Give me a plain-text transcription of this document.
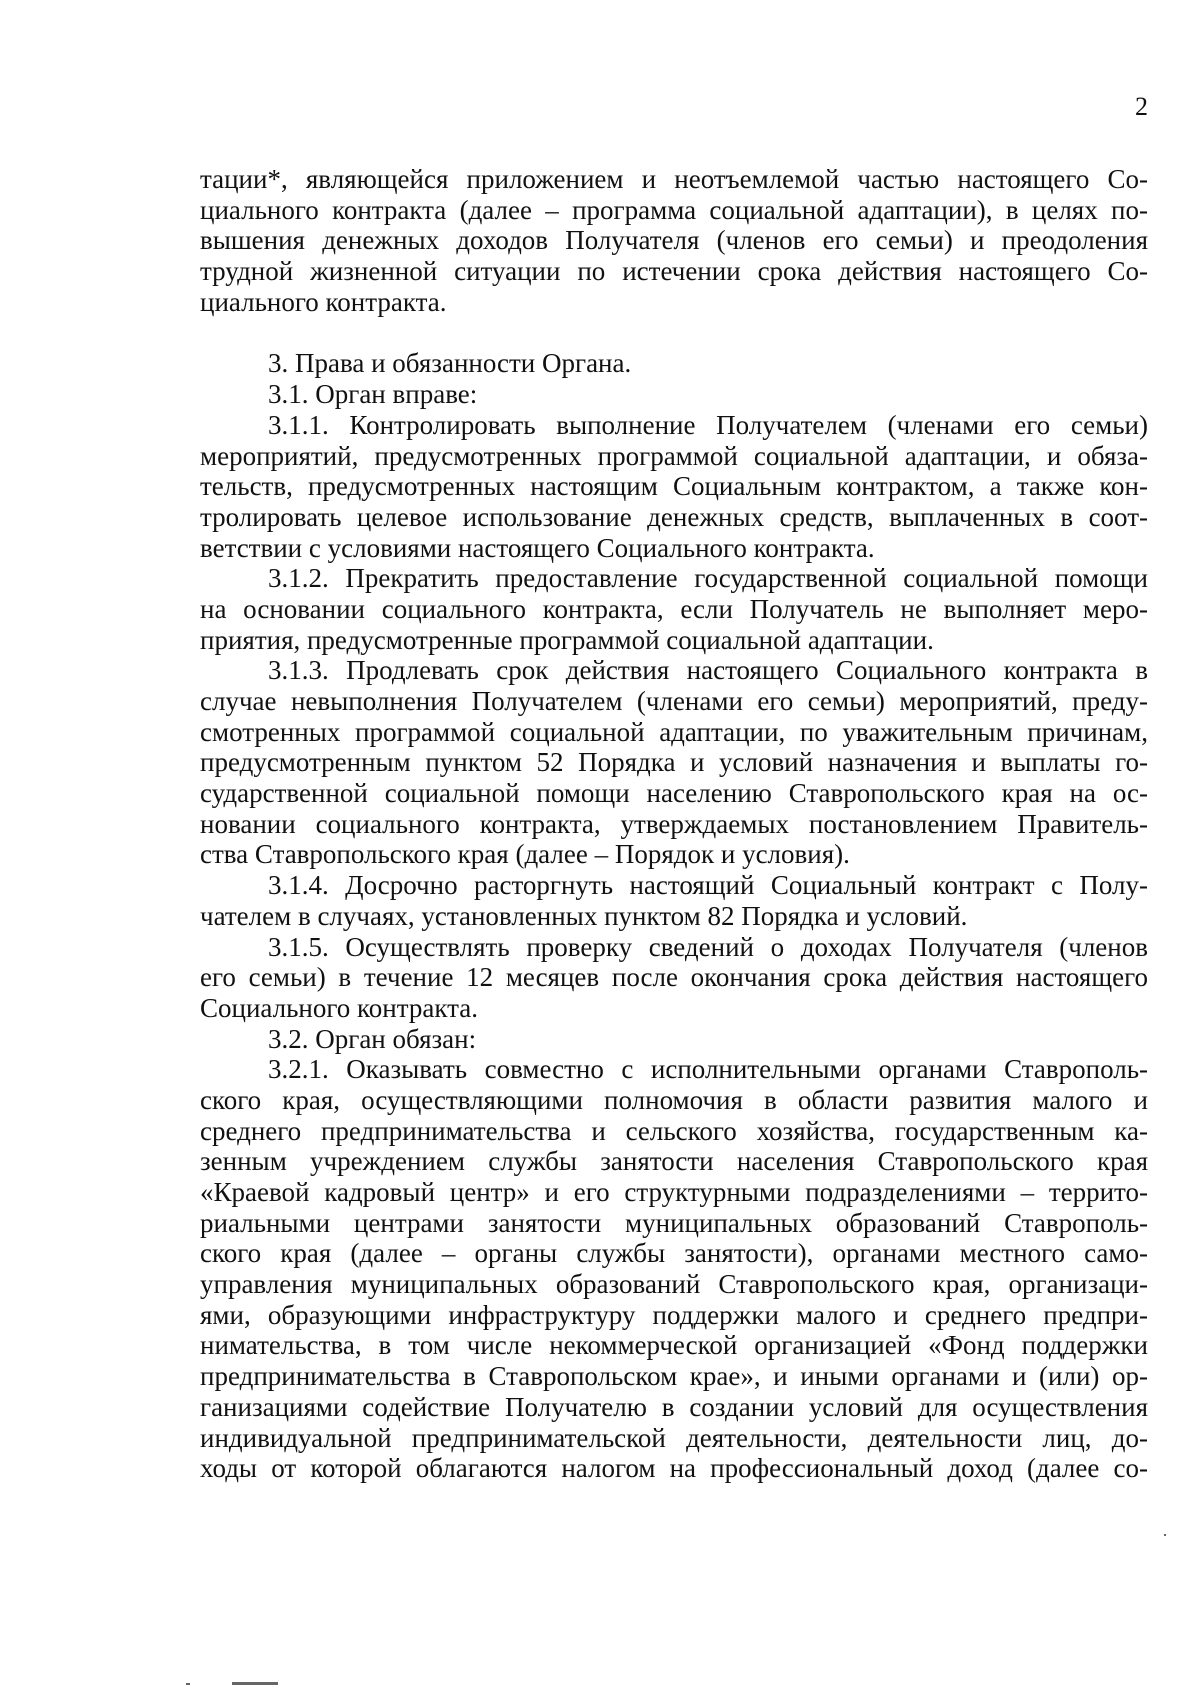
2
тации*, являющейся приложением и неотъемлемой частью настоящего Со-
циального контракта (далее – программа социальной адаптации), в целях по-
вышения денежных доходов Получателя (членов его семьи) и преодоления
трудной жизненной ситуации по истечении срока действия настоящего Со-
циального контракта.
3. Права и обязанности Органа.
3.1. Орган вправе:
3.1.1. Контролировать выполнение Получателем (членами его семьи)
мероприятий, предусмотренных программой социальной адаптации, и обяза-
тельств, предусмотренных настоящим Социальным контрактом, а также кон-
тролировать целевое использование денежных средств, выплаченных в соот-
ветствии с условиями настоящего Социального контракта.
3.1.2. Прекратить предоставление государственной социальной помощи
на основании социального контракта, если Получатель не выполняет меро-
приятия, предусмотренные программой социальной адаптации.
3.1.3. Продлевать срок действия настоящего Социального контракта в
случае невыполнения Получателем (членами его семьи) мероприятий, преду-
смотренных программой социальной адаптации, по уважительным причинам,
предусмотренным пунктом 52 Порядка и условий назначения и выплаты го-
сударственной социальной помощи населению Ставропольского края на ос-
новании социального контракта, утверждаемых постановлением Правитель-
ства Ставропольского края (далее – Порядок и условия).
3.1.4. Досрочно расторгнуть настоящий Социальный контракт с Полу-
чателем в случаях, установленных пунктом 82 Порядка и условий.
3.1.5. Осуществлять проверку сведений о доходах Получателя (членов
его семьи) в течение 12 месяцев после окончания срока действия настоящего
Социального контракта.
3.2. Орган обязан:
3.2.1. Оказывать совместно с исполнительными органами Ставрополь-
ского края, осуществляющими полномочия в области развития малого и
среднего предпринимательства и сельского хозяйства, государственным ка-
зенным учреждением службы занятости населения Ставропольского края
«Краевой кадровый центр» и его структурными подразделениями – террито-
риальными центрами занятости муниципальных образований Ставрополь-
ского края (далее – органы службы занятости), органами местного само-
управления муниципальных образований Ставропольского края, организаци-
ями, образующими инфраструктуру поддержки малого и среднего предпри-
нимательства, в том числе некоммерческой организацией «Фонд поддержки
предпринимательства в Ставропольском крае», и иными органами и (или) ор-
ганизациями содействие Получателю в создании условий для осуществления
индивидуальной предпринимательской деятельности, деятельности лиц, до-
ходы от которой облагаются налогом на профессиональный доход (далее со-
